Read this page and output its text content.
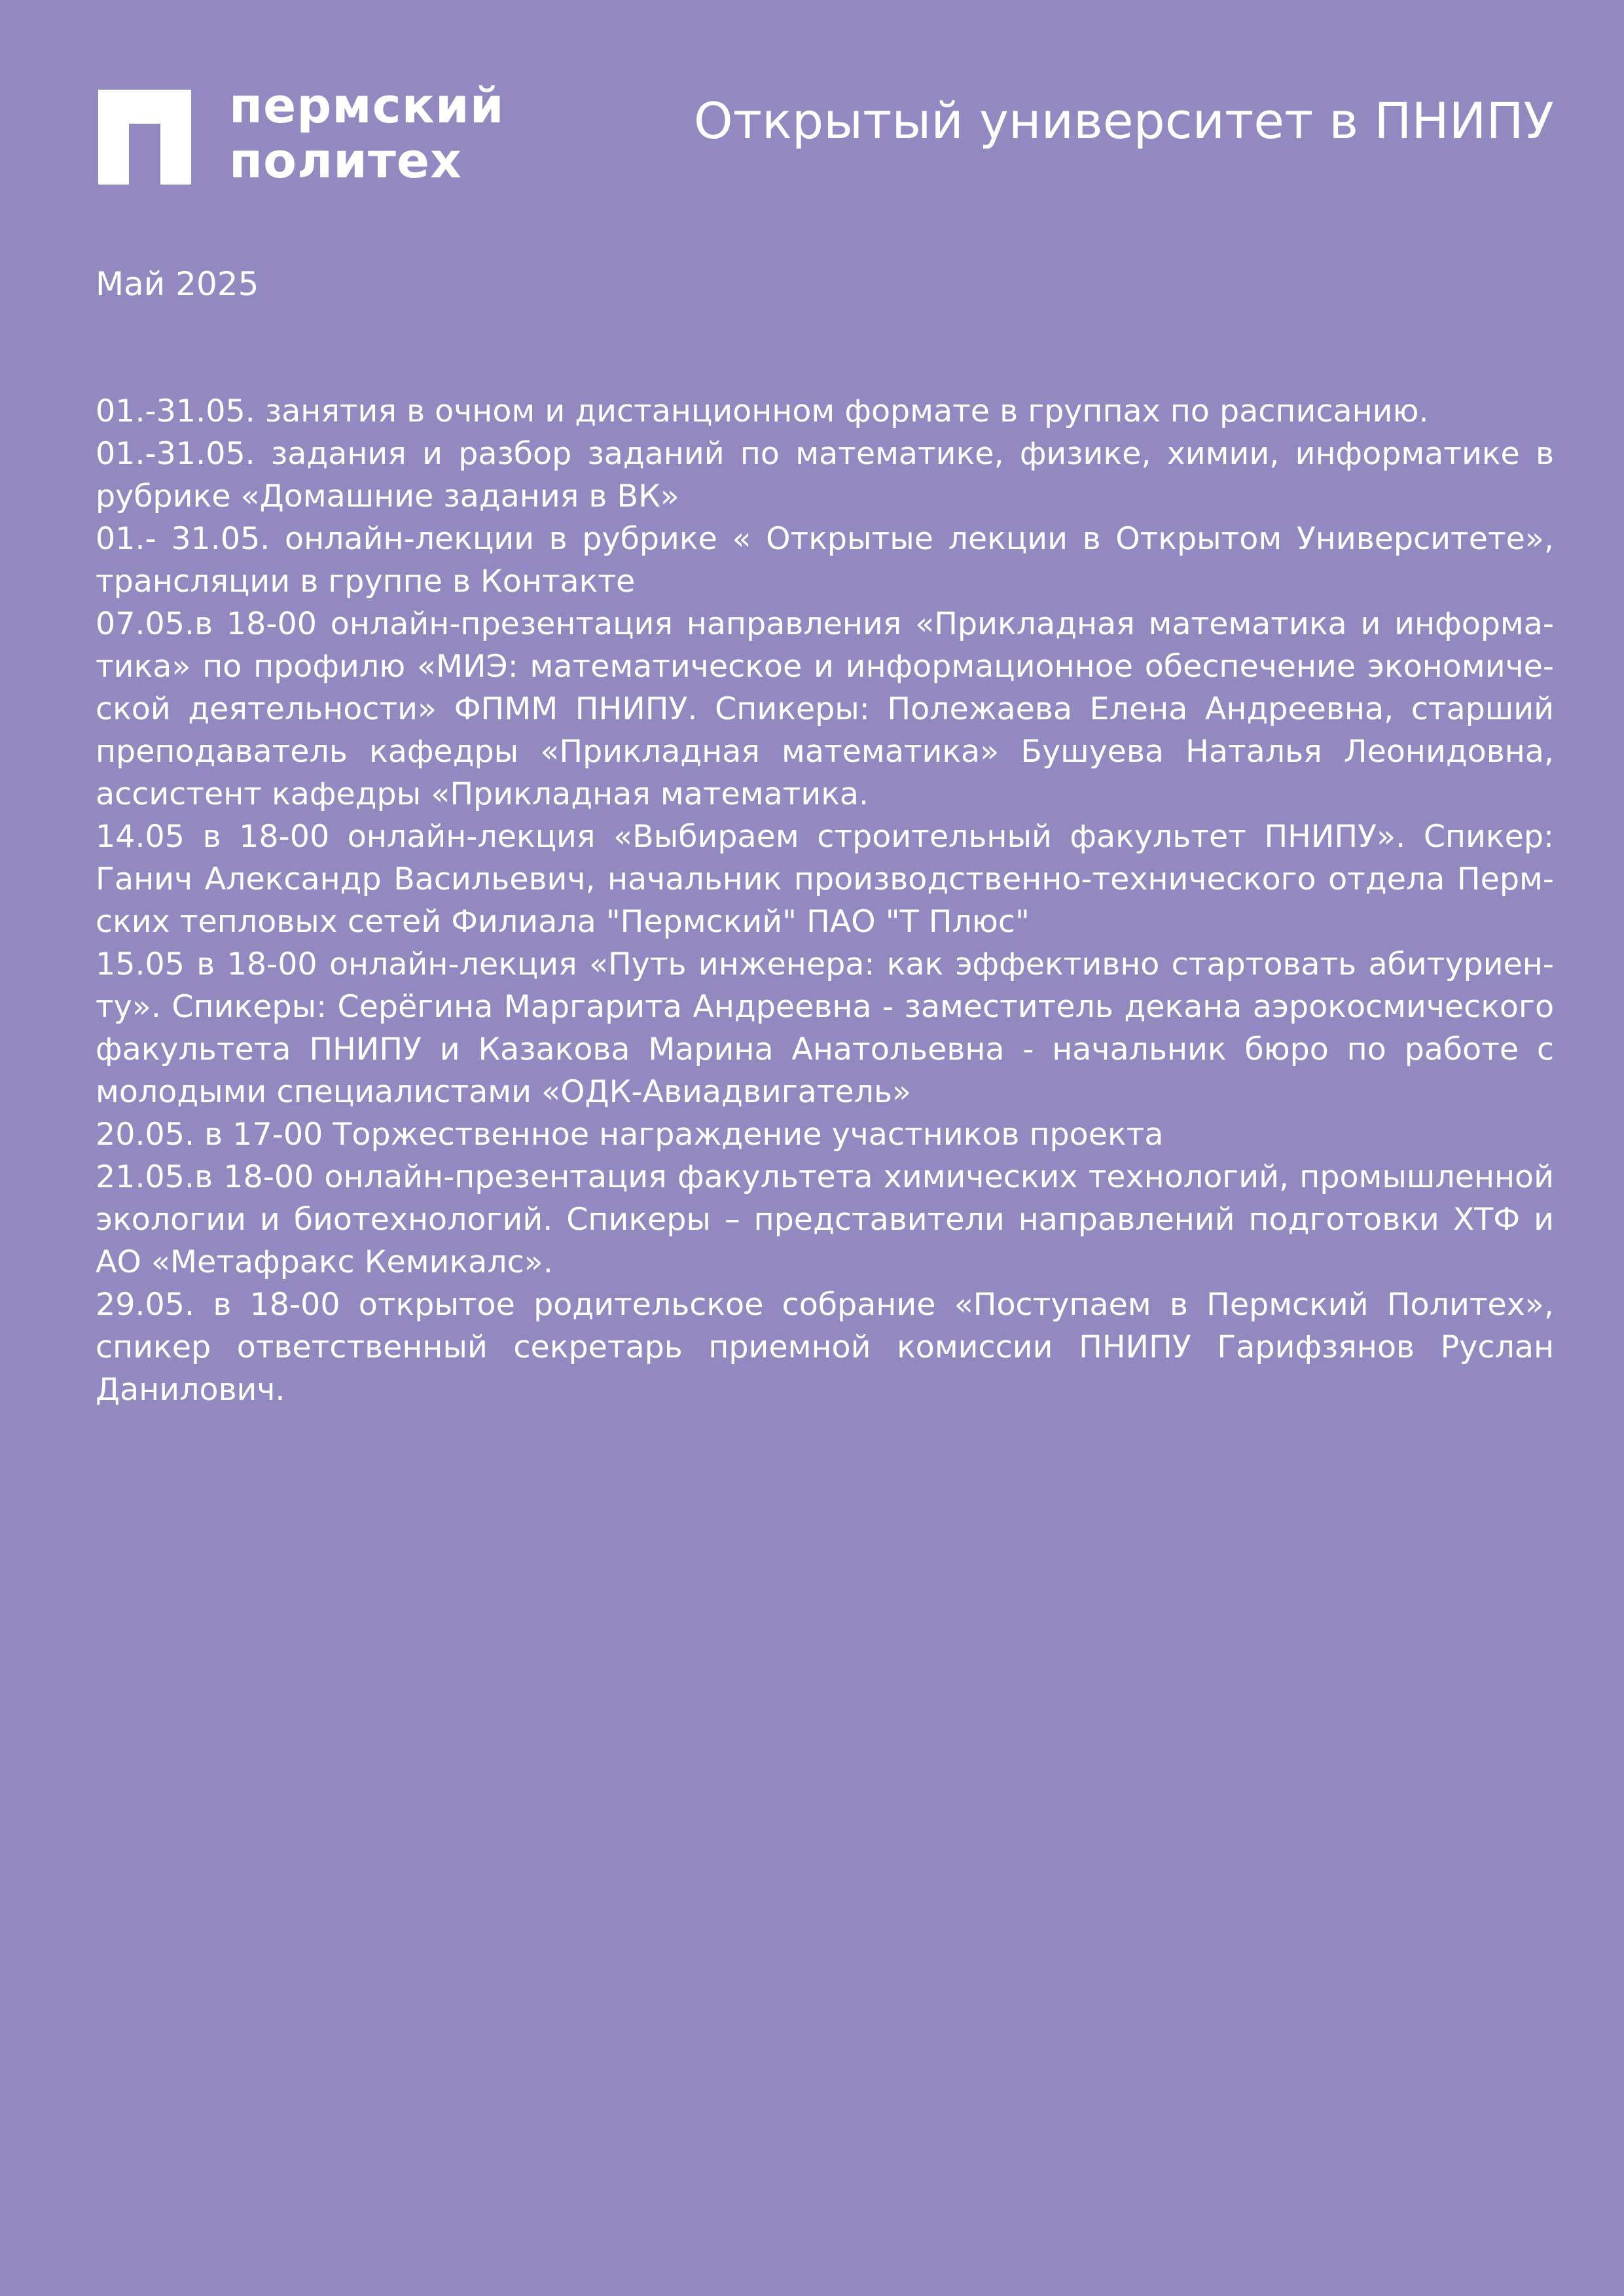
пермский
политех
Открытый университет в ПНИПУ
Май 2025

01.-31.05. занятия в очном и дистанционном формате в группах по расписанию.

01.-31.05. задания и разбор заданий по математике, физике, химии, информатике в рубрике «Домашние задания в ВК»

01.- 31.05. онлайн-лекции в рубрике « Открытые лекции в Открытом Университете», трансляции в группе в Контакте

07.05.в 18-00 онлайн-презентация направления «Прикладная математика и информа-тика» по профилю «МИЭ: математическое и информационное обеспечение экономиче-ской деятельности» ФПММ ПНИПУ. Спикеры: Полежаева Елена Андреевна, старший преподаватель кафедры «Прикладная математика» Бушуева Наталья Леонидовна, ассистент кафедры «Прикладная математика.

14.05 в 18-00 онлайн-лекция «Выбираем строительный факультет ПНИПУ». Спикер: Ганич Александр Васильевич, начальник производственно-технического отдела Перм-ских тепловых сетей Филиала "Пермский" ПАО "Т Плюс"

15.05 в 18-00 онлайн-лекция «Путь инженера: как эффективно стартовать абитуриен-ту». Спикеры: Серёгина Маргарита Андреевна - заместитель декана аэрокосмического факультета ПНИПУ и Казакова Марина Анатольевна - начальник бюро по работе с молодыми специалистами «ОДК-Авиадвигатель»

20.05. в 17-00 Торжественное награждение участников проекта

21.05.в 18-00 онлайн-презентация факультета химических технологий, промышленной экологии и биотехнологий. Спикеры – представители направлений подготовки ХТФ и АО «Метафракс Кемикалс».

29.05. в 18-00 открытое родительское собрание «Поступаем в Пермский Политех», спикер ответственный секретарь приемной комиссии ПНИПУ Гарифзянов Руслан Данилович.
